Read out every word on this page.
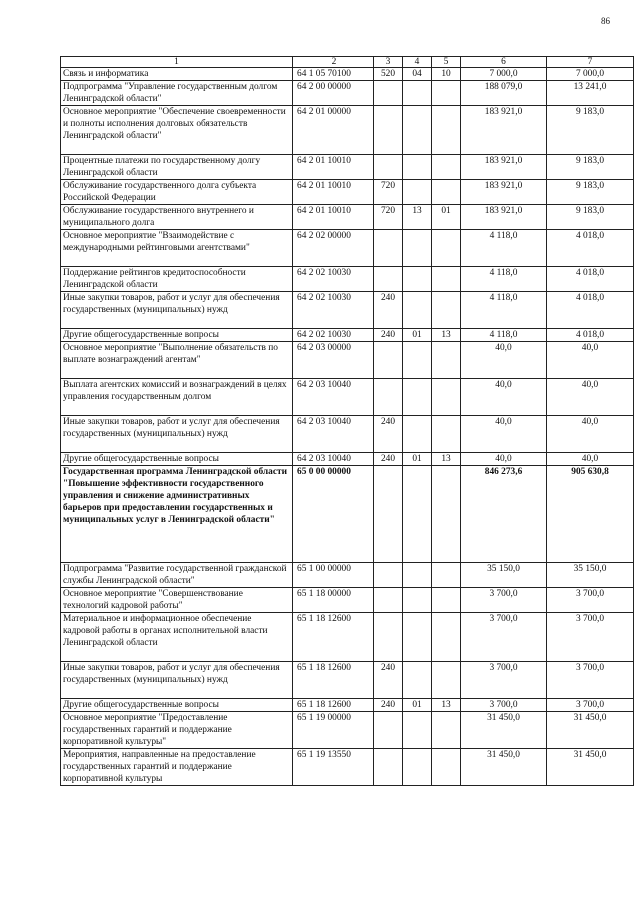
86
1	2	3	4	5	6	7
Связь и информатика	64 1 05 70100	520	04	10	7 000,0	7 000,0
Подпрограмма "Управление государственным долгом Ленинградской области"	64 2 00 00000				188 079,0	13 241,0
Основное мероприятие "Обеспечение своевременности и полноты исполнения долговых обязательств Ленинградской области"	64 2 01 00000				183 921,0	9 183,0
Процентные платежи по государственному долгу Ленинградской области	64 2 01 10010				183 921,0	9 183,0
Обслуживание государственного долга субъекта Российской Федерации	64 2 01 10010	720			183 921,0	9 183,0
Обслуживание государственного внутреннего и муниципального долга	64 2 01 10010	720	13	01	183 921,0	9 183,0
Основное мероприятие "Взаимодействие с международными рейтинговыми агентствами"	64 2 02 00000				4 118,0	4 018,0
Поддержание рейтингов кредитоспособности Ленинградской области	64 2 02 10030				4 118,0	4 018,0
Иные закупки товаров, работ и услуг для обеспечения государственных (муниципальных) нужд	64 2 02 10030	240			4 118,0	4 018,0
Другие общегосударственные вопросы	64 2 02 10030	240	01	13	4 118,0	4 018,0
Основное мероприятие "Выполнение обязательств по выплате вознаграждений агентам"	64 2 03 00000				40,0	40,0
Выплата агентских комиссий и вознаграждений в целях управления государственным долгом	64 2 03 10040				40,0	40,0
Иные закупки товаров, работ и услуг для обеспечения государственных (муниципальных) нужд	64 2 03 10040	240			40,0	40,0
Другие общегосударственные вопросы	64 2 03 10040	240	01	13	40,0	40,0
Государственная программа Ленинградской области "Повышение эффективности государственного управления и снижение административных барьеров при предоставлении государственных и муниципальных услуг в Ленинградской области"	65 0 00 00000				846 273,6	905 630,8
Подпрограмма "Развитие государственной гражданской службы Ленинградской области"	65 1 00 00000				35 150,0	35 150,0
Основное мероприятие "Совершенствование технологий кадровой работы"	65 1 18 00000				3 700,0	3 700,0
Материальное и информационное обеспечение кадровой работы в органах исполнительной власти Ленинградской области	65 1 18 12600				3 700,0	3 700,0
Иные закупки товаров, работ и услуг для обеспечения государственных (муниципальных) нужд	65 1 18 12600	240			3 700,0	3 700,0
Другие общегосударственные вопросы	65 1 18 12600	240	01	13	3 700,0	3 700,0
Основное мероприятие "Предоставление государственных гарантий и поддержание корпоративной культуры"	65 1 19 00000				31 450,0	31 450,0
Мероприятия, направленные на предоставление государственных гарантий и поддержание корпоративной культуры	65 1 19 13550				31 450,0	31 450,0
